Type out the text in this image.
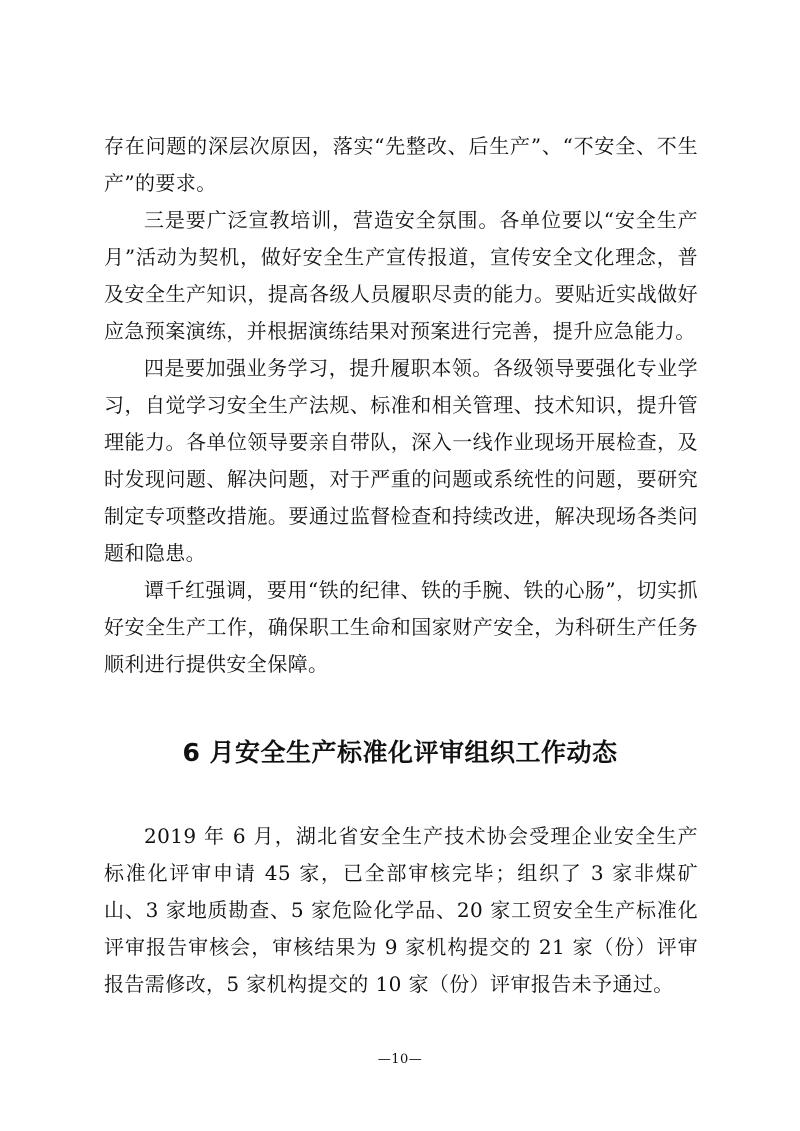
存在问题的深层次原因，落实“先整改、后生产”、“不安全、不生产”的要求。

三是要广泛宣教培训，营造安全氛围。各单位要以“安全生产月”活动为契机，做好安全生产宣传报道，宣传安全文化理念，普及安全生产知识，提高各级人员履职尽责的能力。要贴近实战做好应急预案演练，并根据演练结果对预案进行完善，提升应急能力。

四是要加强业务学习，提升履职本领。各级领导要强化专业学习，自觉学习安全生产法规、标准和相关管理、技术知识，提升管理能力。各单位领导要亲自带队，深入一线作业现场开展检查，及时发现问题、解决问题，对于严重的问题或系统性的问题，要研究制定专项整改措施。要通过监督检查和持续改进，解决现场各类问题和隐患。

谭千红强调，要用“铁的纪律、铁的手腕、铁的心肠”，切实抓好安全生产工作，确保职工生命和国家财产安全，为科研生产任务顺利进行提供安全保障。

6 月安全生产标准化评审组织工作动态

2019 年 6 月，湖北省安全生产技术协会受理企业安全生产标准化评审申请 45 家，已全部审核完毕；组织了 3 家非煤矿山、3 家地质勘查、5 家危险化学品、20 家工贸安全生产标准化评审报告审核会，审核结果为 9 家机构提交的 21 家（份）评审报告需修改，5 家机构提交的 10 家（份）评审报告未予通过。

—10—
